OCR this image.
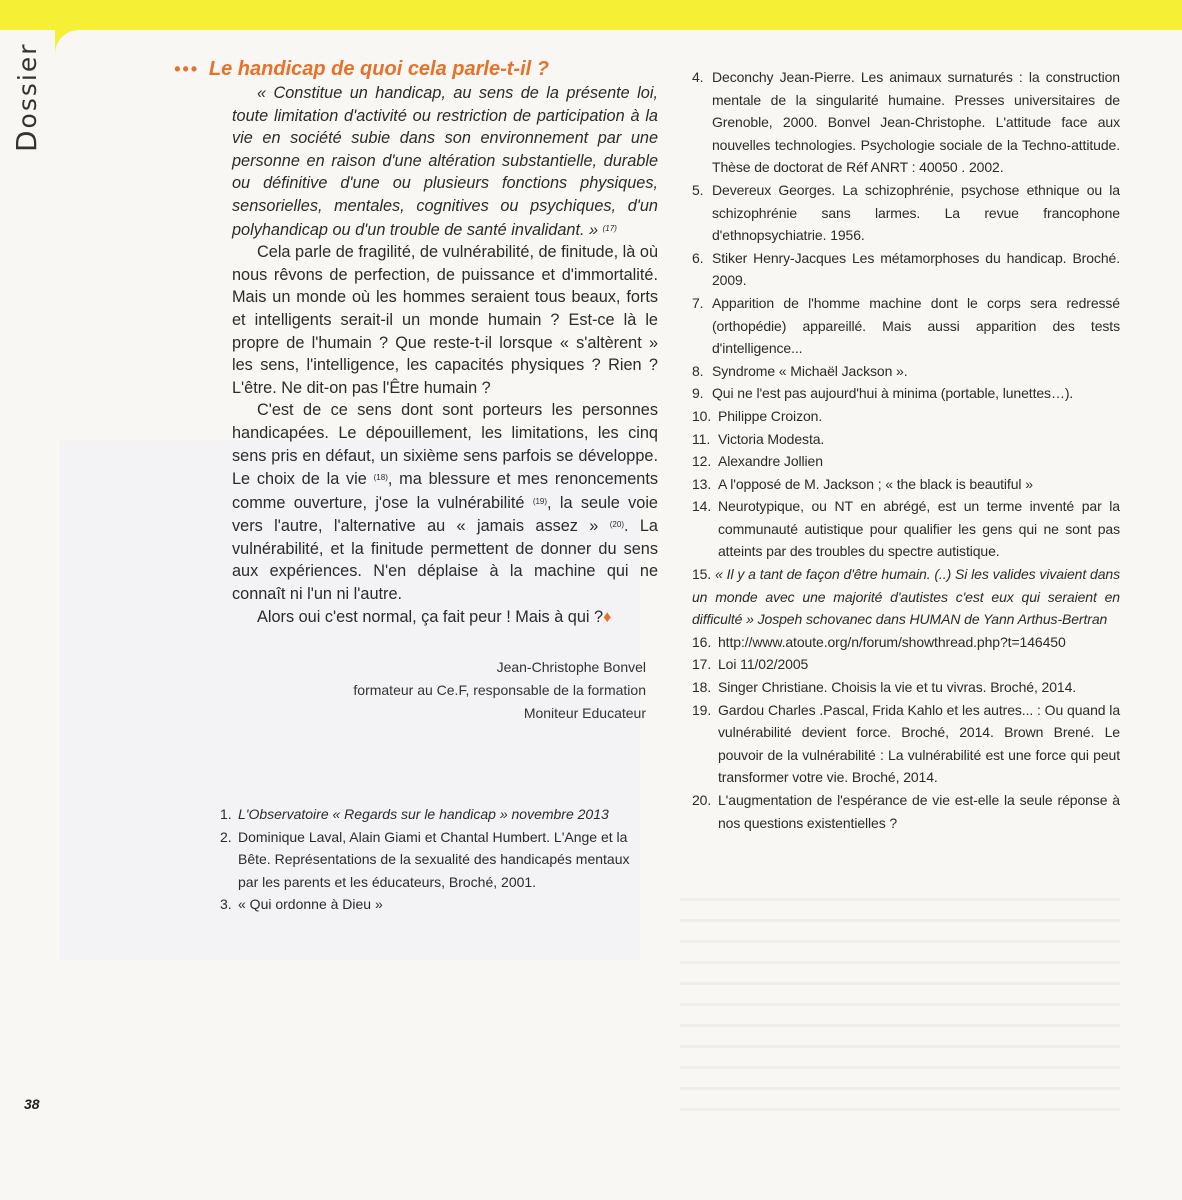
Dossier
38
••• Le handicap de quoi cela parle-t-il ?

« Constitue un handicap, au sens de la présente loi, toute limitation d'activité ou restriction de participation à la vie en société subie dans son environnement par une personne en raison d'une altération substantielle, durable ou définitive d'une ou plusieurs fonctions physiques, sensorielles, mentales, cognitives ou psychiques, d'un polyhandicap ou d'un trouble de santé invalidant. » $^{(17)}$

Cela parle de fragilité, de vulnérabilité, de finitude, là où nous rêvons de perfection, de puissance et d'immortalité. Mais un monde où les hommes seraient tous beaux, forts et intelligents serait-il un monde humain ? Est-ce là le propre de l'humain ? Que reste-t-il lorsque « s'altèrent » les sens, l'intelligence, les capacités physiques ? Rien ? L'être. Ne dit-on pas l'Être humain ?

C'est de ce sens dont sont porteurs les personnes handicapées. Le dépouillement, les limitations, les cinq sens pris en défaut, un sixième sens parfois se développe. Le choix de la vie $^{(18)}$, ma blessure et mes renoncements comme ouverture, j'ose la vulnérabilité $^{(19)}$, la seule voie vers l'autre, l'alternative au « jamais assez » $^{(20)}$. La vulnérabilité, et la finitude permettent de donner du sens aux expériences. N'en déplaise à la machine qui ne connaît ni l'un ni l'autre.

Alors oui c'est normal, ça fait peur ! Mais à qui ?♦

Jean-Christophe Bonvel
formateur au Ce.F, responsable de la formation
Moniteur Educateur
1. L'Observatoire « Regards sur le handicap » novembre 2013
2. Dominique Laval, Alain Giami et Chantal Humbert. L'Ange et la Bête. Représentations de la sexualité des handicapés mentaux par les parents et les éducateurs, Broché, 2001.
3. « Qui ordonne à Dieu »
4. Deconchy Jean-Pierre. Les animaux surnaturés : la construction mentale de la singularité humaine. Presses universitaires de Grenoble, 2000. Bonvel Jean-Christophe. L'attitude face aux nouvelles technologies. Psychologie sociale de la Techno-attitude. Thèse de doctorat de Réf ANRT : 40050 . 2002.
5. Devereux Georges. La schizophrénie, psychose ethnique ou la schizophrénie sans larmes. La revue francophone d'ethnopsychiatrie. 1956.
6. Stiker Henry-Jacques Les métamorphoses du handicap. Broché. 2009.
7. Apparition de l'homme machine dont le corps sera redressé (orthopédie) appareillé. Mais aussi apparition des tests d'intelligence...
8. Syndrome « Michaël Jackson ».
9. Qui ne l'est pas aujourd'hui à minima (portable, lunettes…).
10. Philippe Croizon.
11. Victoria Modesta.
12. Alexandre Jollien
13. A l'opposé de M. Jackson ; « the black is beautiful »
14. Neurotypique, ou NT en abrégé, est un terme inventé par la communauté autistique pour qualifier les gens qui ne sont pas atteints par des troubles du spectre autistique.
15. « Il y a tant de façon d'être humain. (..) Si les valides vivaient dans un monde avec une majorité d'autistes c'est eux qui seraient en difficulté » Jospeh schovanec dans HUMAN de Yann Arthus-Bertran
16. http://www.atoute.org/n/forum/showthread.php?t=146450
17. Loi 11/02/2005
18. Singer Christiane. Choisis la vie et tu vivras. Broché, 2014.
19. Gardou Charles .Pascal, Frida Kahlo et les autres... : Ou quand la vulnérabilité devient force. Broché, 2014. Brown Brené. Le pouvoir de la vulnérabilité : La vulnérabilité est une force qui peut transformer votre vie. Broché, 2014.
20. L'augmentation de l'espérance de vie est-elle la seule réponse à nos questions existentielles ?
